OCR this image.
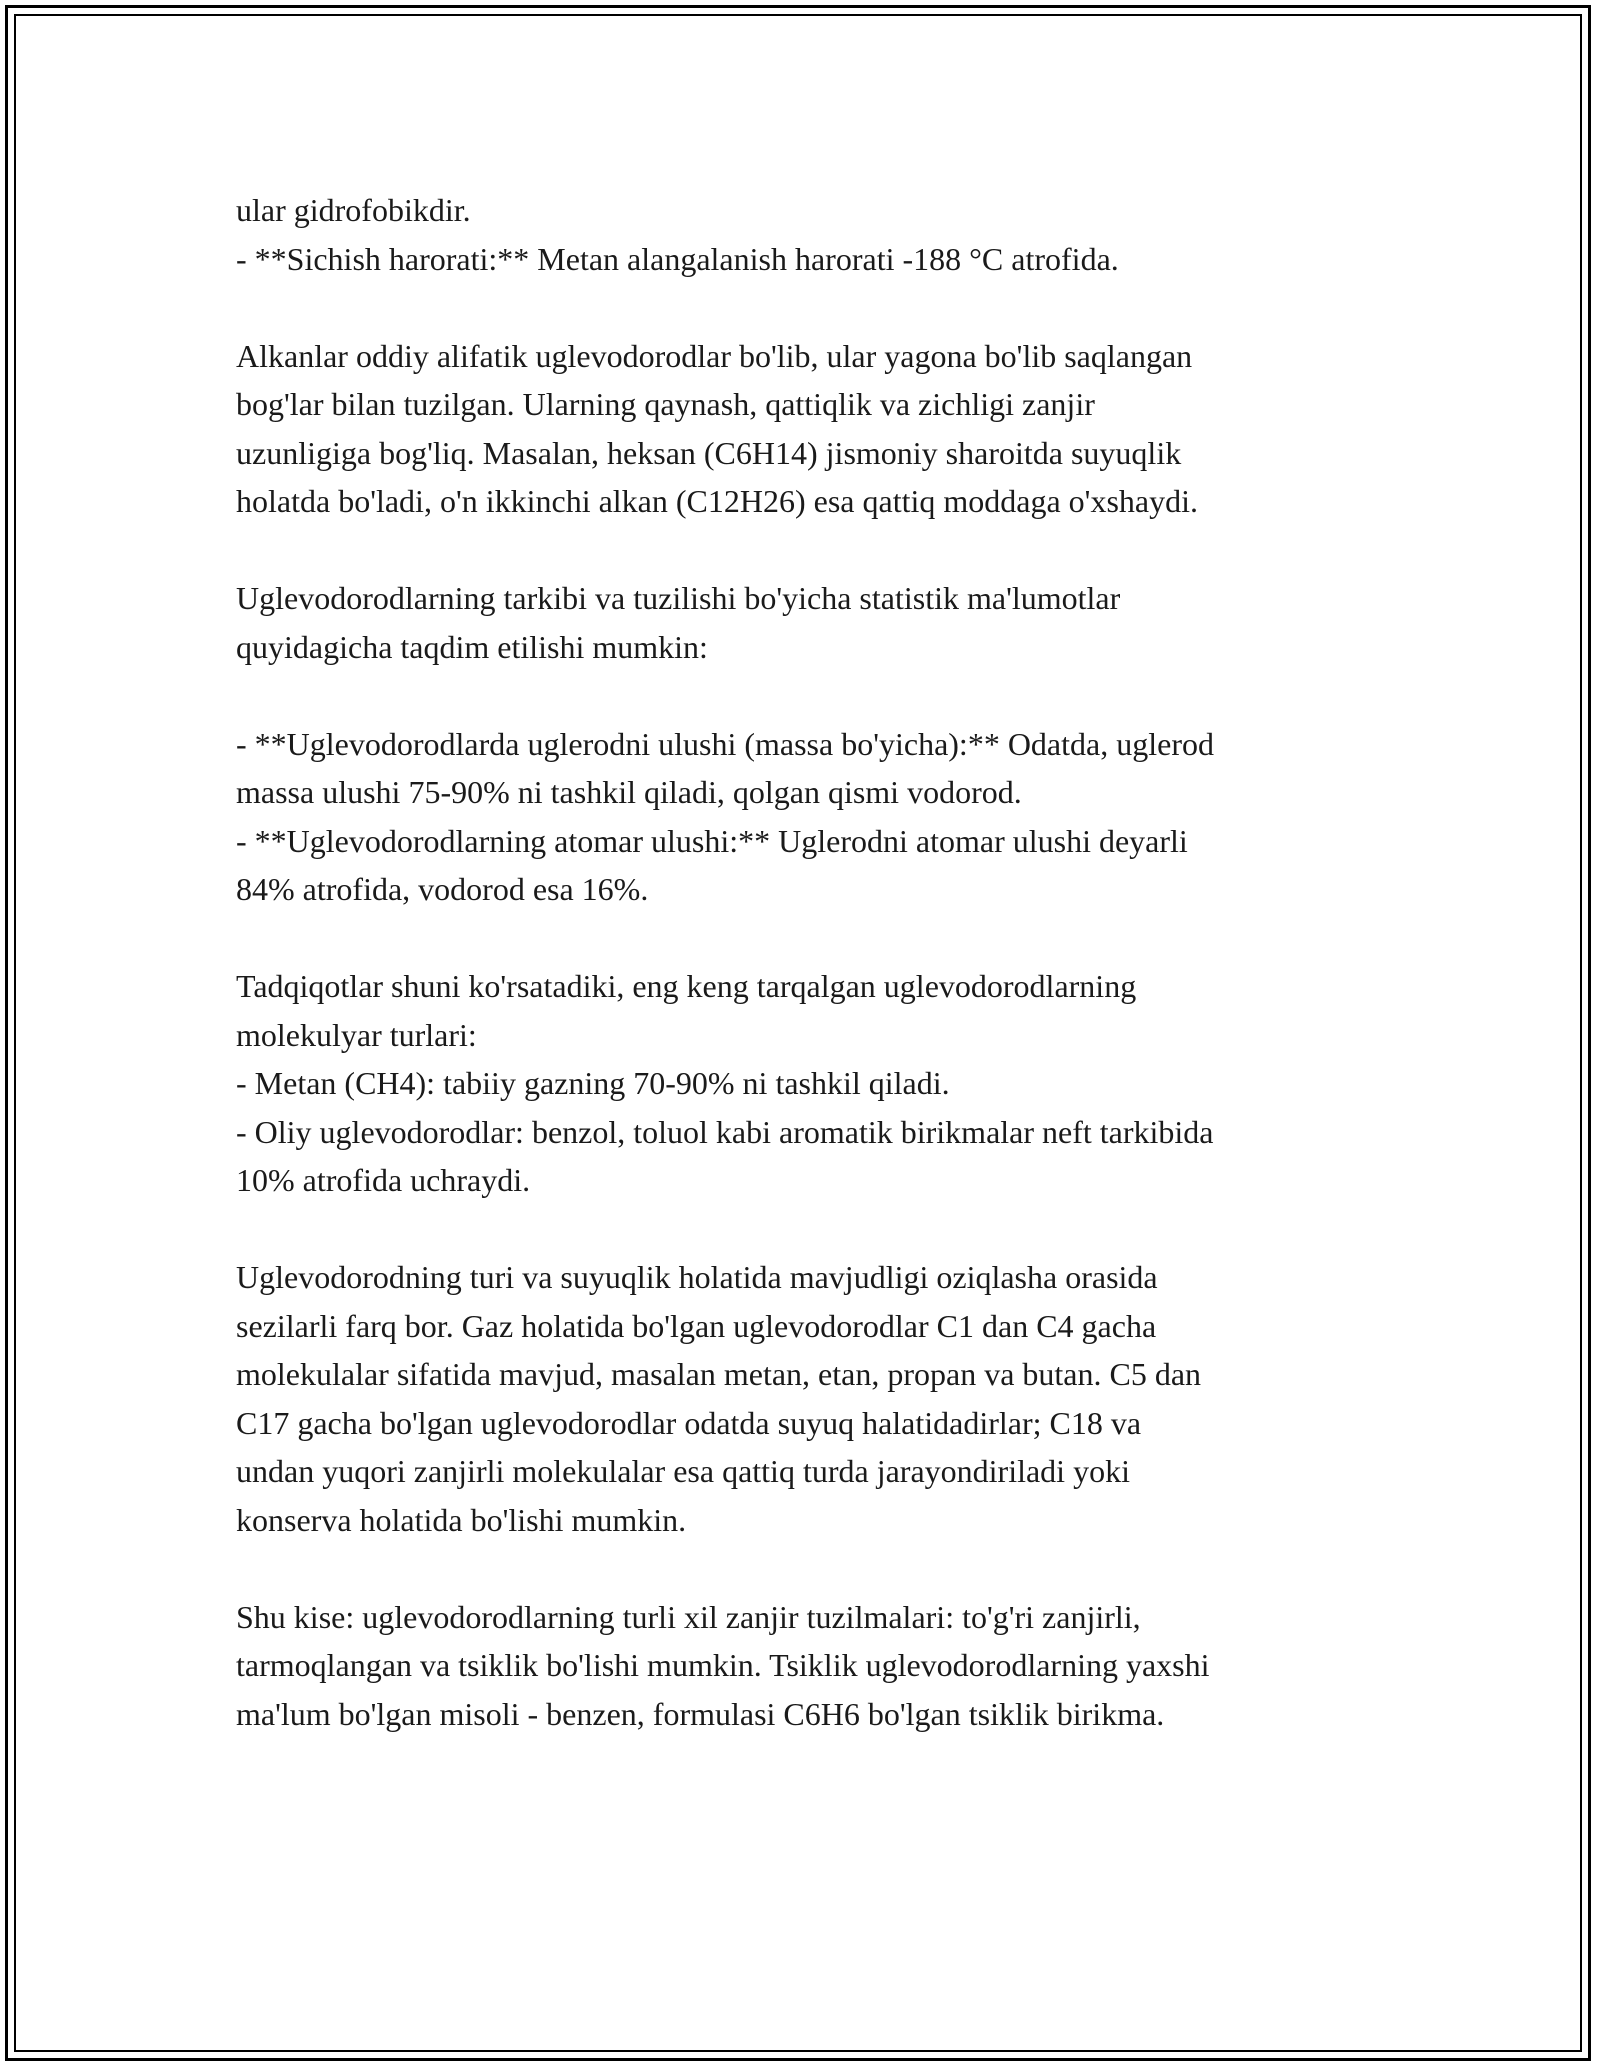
ular gidrofobikdir.
- **Sichish harorati:** Metan alangalanish harorati -188 °C atrofida.

Alkanlar oddiy alifatik uglevodorodlar bo'lib, ular yagona bo'lib saqlangan
bog'lar bilan tuzilgan. Ularning qaynash, qattiqlik va zichligi zanjir
uzunligiga bog'liq. Masalan, heksan (C6H14) jismoniy sharoitda suyuqlik
holatda bo'ladi, o'n ikkinchi alkan (C12H26) esa qattiq moddaga o'xshaydi.

Uglevodorodlarning tarkibi va tuzilishi bo'yicha statistik ma'lumotlar
quyidagicha taqdim etilishi mumkin:

- **Uglevodorodlarda uglerodni ulushi (massa bo'yicha):** Odatda, uglerod
massa ulushi 75-90% ni tashkil qiladi, qolgan qismi vodorod.
- **Uglevodorodlarning atomar ulushi:** Uglerodni atomar ulushi deyarli
84% atrofida, vodorod esa 16%.

Tadqiqotlar shuni ko'rsatadiki, eng keng tarqalgan uglevodorodlarning
molekulyar turlari:
- Metan (CH4): tabiiy gazning 70-90% ni tashkil qiladi.
- Oliy uglevodorodlar: benzol, toluol kabi aromatik birikmalar neft tarkibida
10% atrofida uchraydi.

Uglevodorodning turi va suyuqlik holatida mavjudligi oziqlasha orasida
sezilarli farq bor. Gaz holatida bo'lgan uglevodorodlar C1 dan C4 gacha
molekulalar sifatida mavjud, masalan metan, etan, propan va butan. C5 dan
C17 gacha bo'lgan uglevodorodlar odatda suyuq halatidadirlar; C18 va
undan yuqori zanjirli molekulalar esa qattiq turda jarayondiriladi yoki
konserva holatida bo'lishi mumkin.

Shu kise: uglevodorodlarning turli xil zanjir tuzilmalari: to'g'ri zanjirli,
tarmoqlangan va tsiklik bo'lishi mumkin. Tsiklik uglevodorodlarning yaxshi
ma'lum bo'lgan misoli - benzen, formulasi C6H6 bo'lgan tsiklik birikma.
